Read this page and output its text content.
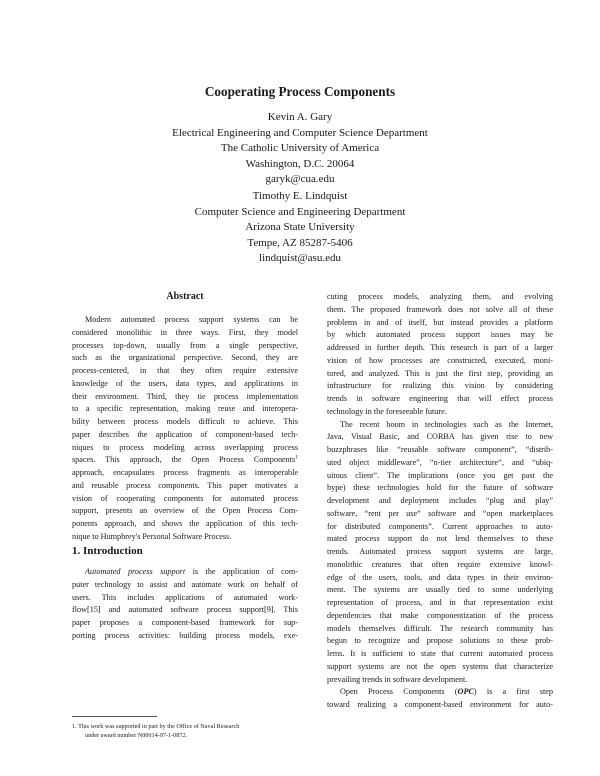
Cooperating Process Components
Kevin A. Gary
Electrical Engineering and Computer Science Department
The Catholic University of America
Washington, D.C. 20064
garyk@cua.edu
Timothy E. Lindquist
Computer Science and Engineering Department
Arizona State University
Tempe, AZ 85287-5406
lindquist@asu.edu
Abstract
Modern automated process support systems can be
considered monolithic in three ways. First, they model
processes top-down, usually from a single perspective,
such as the organizational perspective. Second, they are
process-centered, in that they often require extensive
knowledge of the users, data types, and applications in
their environment. Third, they tie process implementation
to a specific representation, making reuse and interopera-
bility between process models difficult to achieve. This
paper describes the application of component-based tech-
niques to process modeling across overlapping process
spaces. This approach, the Open Process Components$^1$
approach, encapsulates process fragments as interoperable
and reusable process components. This paper motivates a
vision of cooperating components for automated process
support, presents an overview of the Open Process Com-
ponents approach, and shows the application of this tech-
nique to Humphrey's Personal Software Process.
1. Introduction
Automated process support is the application of com-
puter technology to assist and automate work on behalf of
users. This includes applications of automated work-
flow[15] and automated software process support[9]. This
paper proposes a component-based framework for sup-
porting process activities: building process models, exe-
1. This work was supported in part by the Office of Naval Research
under award number N00014-97-1-0872.
cuting process models, analyzing them, and evolving
them. The proposed framework does not solve all of these
problems in and of itself, but instead provides a platform
by which automated process support issues may be
addressed in further depth. This research is part of a larger
vision of how processes are constructed, executed, moni-
tored, and analyzed. This is just the first step, providing an
infrastructure for realizing this vision by considering
trends in software engineering that will effect process
technology in the foreseeable future.
The recent boom in technologies such as the Internet,
Java, Visual Basic, and CORBA has given rise to new
buzzphrases like “reusable software component”, “distrib-
uted object middleware”, “n-tier architecture”, and “ubiq-
uitous client”. The implications (once you get past the
hype) these technologies hold for the future of software
development and deployment includes “plug and play”
software, “rent per use” software and “open marketplaces
for distributed components”. Current approaches to auto-
mated process support do not lend themselves to these
trends. Automated process support systems are large,
monolithic creatures that often require extensive knowl-
edge of the users, tools, and data types in their environ-
ment. The systems are usually tied to some underlying
representation of process, and in that representation exist
dependencies that make componentization of the process
models themselves difficult. The research community has
begun to recognize and propose solutions to these prob-
lems. It is sufficient to state that current automated process
support systems are not the open systems that characterize
prevailing trends in software development.
Open Process Components (OPC) is a first step
toward realizing a component-based environment for auto-
